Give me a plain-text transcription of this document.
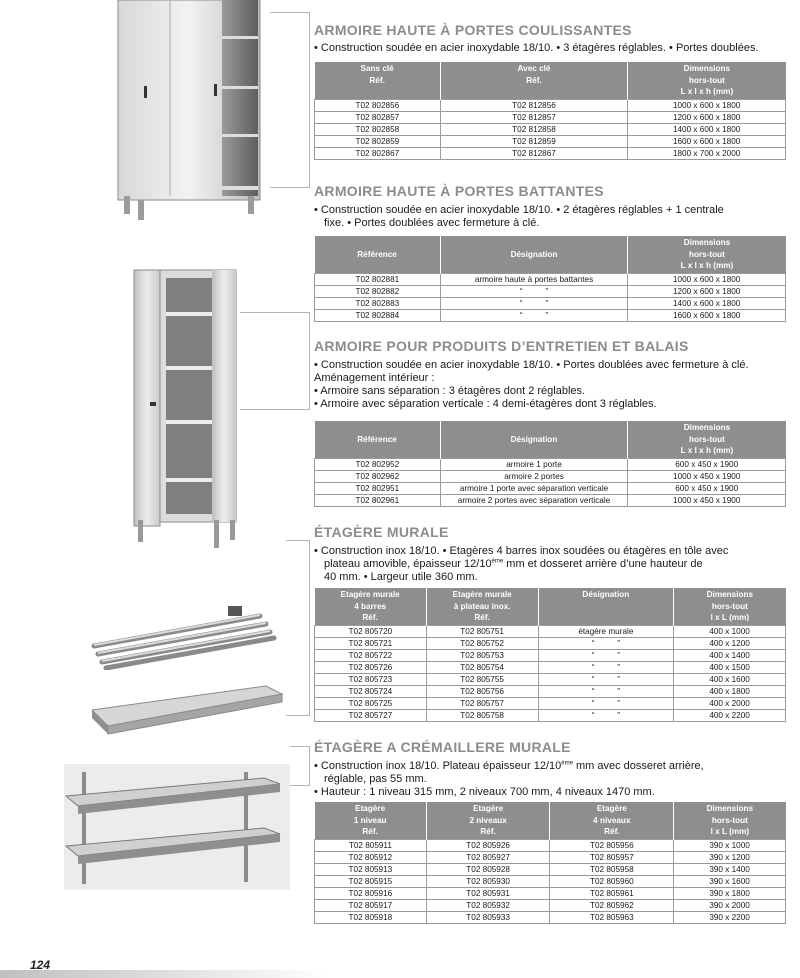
ARMOIRE HAUTE À PORTES COULISSANTES

• Construction soudée en acier inoxydable 18/10. • 3 étagères réglables. • Portes doublées.

Sans clé
Réf.	Avec clé
Réf.	Dimensions
hors-tout
L x l x h (mm)
T02 802856	T02 812856	1000 x 600 x 1800
T02 802857	T02 812857	1200 x 600 x 1800
T02 802858	T02 812858	1400 x 600 x 1800
T02 802859	T02 812859	1600 x 600 x 1800
T02 802867	T02 812867	1800 x 700 x 2000
ARMOIRE HAUTE À PORTES BATTANTES

• Construction soudée en acier inoxydable 18/10. • 2 étagères réglables + 1 centrale

fixe. • Portes doublées avec fermeture à clé.

Référence	Désignation	Dimensions
hors-tout
L x l x h (mm)
T02 802881	armoire haute à portes battantes	1000 x 600 x 1800
T02 802882	“          ”	1200 x 600 x 1800
T02 802883	“          ”	1400 x 600 x 1800
T02 802884	“          ”	1600 x 600 x 1800
ARMOIRE POUR PRODUITS D’ENTRETIEN ET BALAIS

• Construction soudée en acier inoxydable 18/10. • Portes doublées avec fermeture à clé.

Aménagement intérieur :

• Armoire sans séparation : 3 étagères dont 2 réglables.

• Armoire avec séparation verticale : 4 demi-étagères dont 3 réglables.

Référence	Désignation	Dimensions
hors-tout
L x l x h (mm)
T02 802952	armoire 1 porte	600 x 450 x 1900
T02 802962	armoire 2 portes	1000 x 450 x 1900
T02 802951	armoire 1 porte avec séparation verticale	600 x 450 x 1900
T02 802961	armoire 2 portes avec séparation verticale	1000 x 450 x 1900
ÉTAGÈRE MURALE

• Construction inox 18/10. • Etagères 4 barres inox soudées ou étagères en tôle avec

plateau amovible, épaisseur 12/10ème mm et dosseret arrière d’une hauteur de

40 mm. • Largeur utile 360 mm.

Etagère murale
4 barres
Réf.	Etagère murale
à plateau inox.
Réf.	Désignation	Dimensions
hors-tout
l x L (mm)
T02 805720	T02 805751	étagère murale	400 x 1000
T02 805721	T02 805752	“          ”	400 x 1200
T02 805722	T02 805753	“          ”	400 x 1400
T02 805726	T02 805754	“          ”	400 x 1500
T02 805723	T02 805755	“          ”	400 x 1600
T02 805724	T02 805756	“          ”	400 x 1800
T02 805725	T02 805757	“          ”	400 x 2000
T02 805727	T02 805758	“          ”	400 x 2200
ÉTAGÈRE A CRÉMAILLERE MURALE

• Construction inox 18/10. Plateau épaisseur 12/10ème mm avec dosseret arrière,

réglable, pas 55 mm.

• Hauteur : 1 niveau 315 mm, 2 niveaux 700 mm, 4 niveaux 1470 mm.

Etagère
1 niveau
Réf.	Etagère
2 niveaux
Réf.	Etagère
4 niveaux
Réf.	Dimensions
hors-tout
l x L (mm)
T02 805911	T02 805926	T02 805956	390 x 1000
T02 805912	T02 805927	T02 805957	390 x 1200
T02 805913	T02 805928	T02 805958	390 x 1400
T02 805915	T02 805930	T02 805960	390 x 1600
T02 805916	T02 805931	T02 805961	390 x 1800
T02 805917	T02 805932	T02 805962	390 x 2000
T02 805918	T02 805933	T02 805963	390 x 2200
124
